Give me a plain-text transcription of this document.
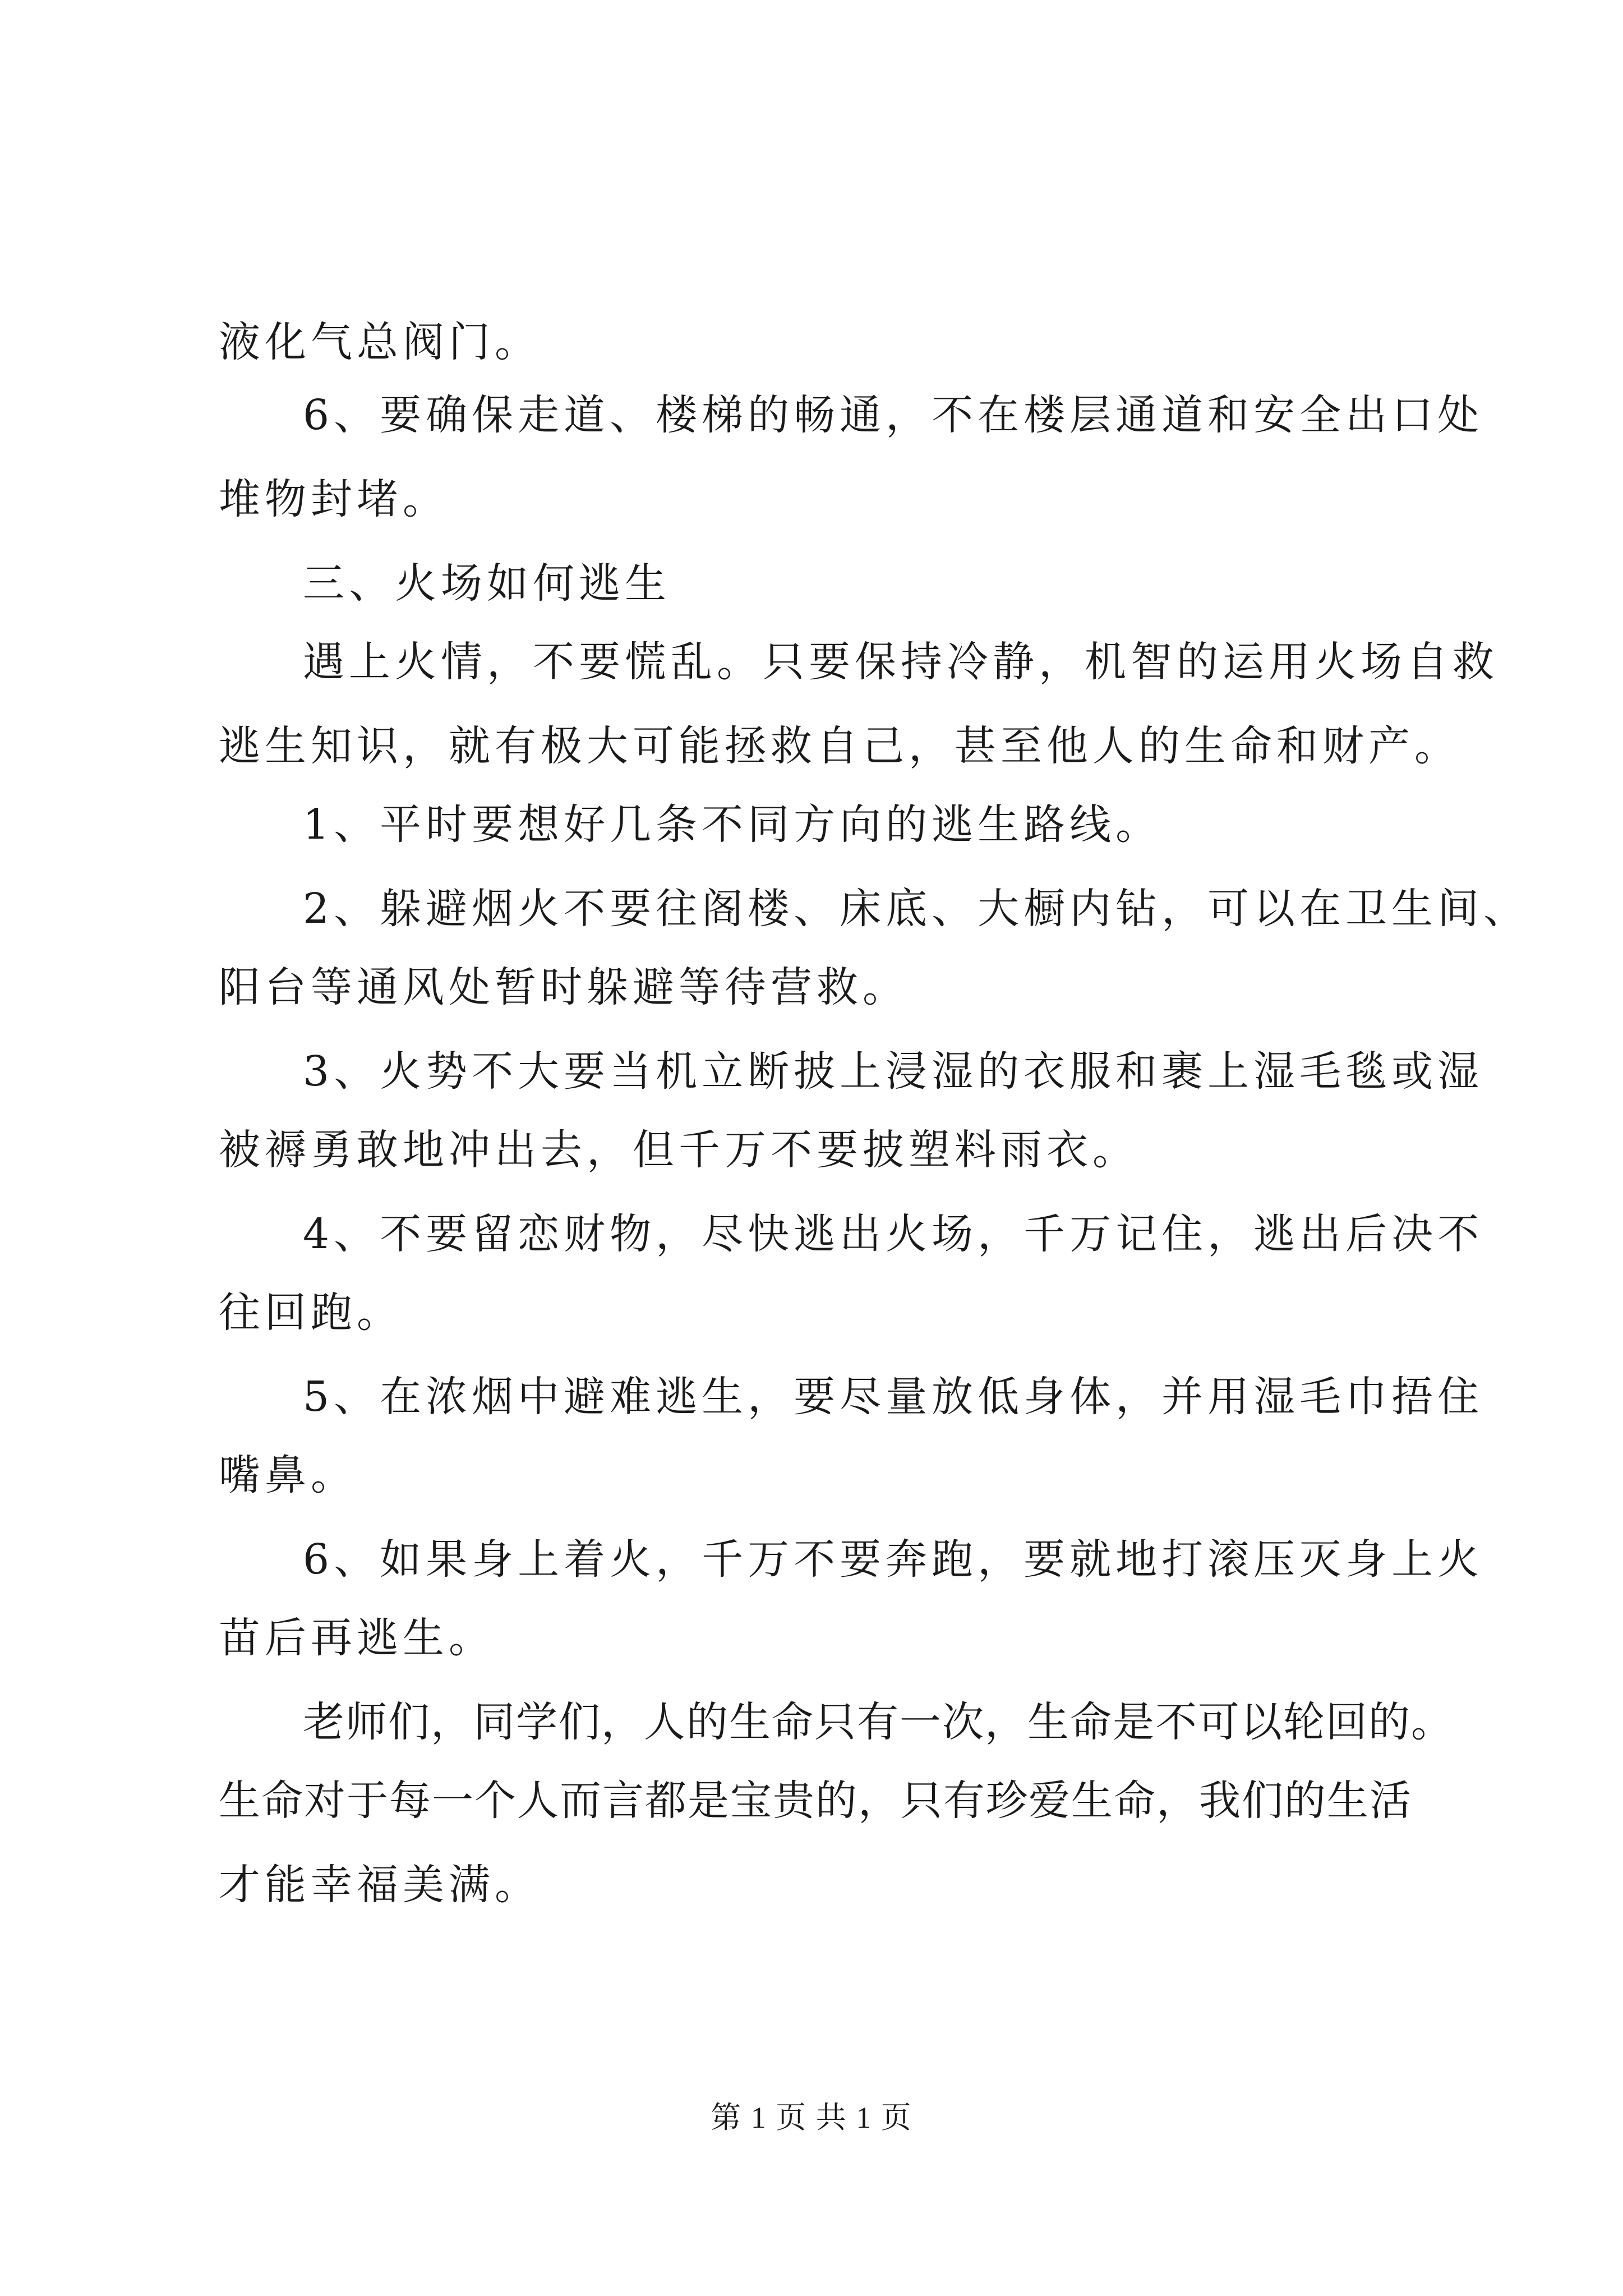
液化气总阀门。
6、要确保走道、楼梯的畅通，不在楼层通道和安全出口处
堆物封堵。
三、火场如何逃生
遇上火情，不要慌乱。只要保持冷静，机智的运用火场自救
逃生知识，就有极大可能拯救自己，甚至他人的生命和财产。
1、平时要想好几条不同方向的逃生路线。
2、躲避烟火不要往阁楼、床底、大橱内钻，可以在卫生间、
阳台等通风处暂时躲避等待营救。
3、火势不大要当机立断披上浸湿的衣服和裹上湿毛毯或湿
被褥勇敢地冲出去，但千万不要披塑料雨衣。
4、不要留恋财物，尽快逃出火场，千万记住，逃出后决不
往回跑。
5、在浓烟中避难逃生，要尽量放低身体，并用湿毛巾捂住
嘴鼻。
6、如果身上着火，千万不要奔跑，要就地打滚压灭身上火
苗后再逃生。
老师们，同学们，人的生命只有一次，生命是不可以轮回的。
生命对于每一个人而言都是宝贵的，只有珍爱生命，我们的生活
才能幸福美满。
第 1 页 共 1 页
